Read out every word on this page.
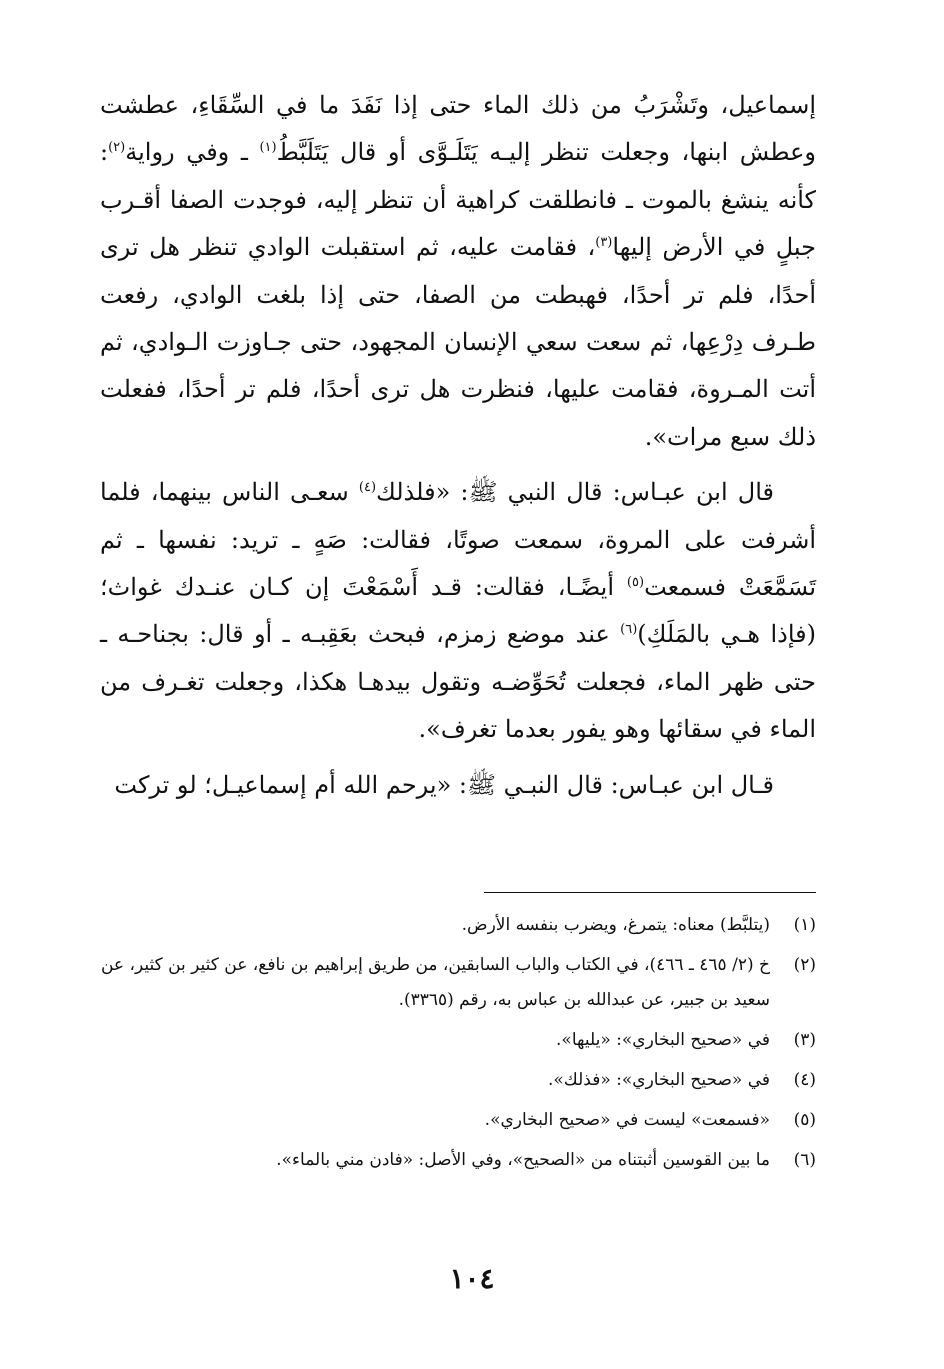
إسماعيل، وتَشْرَبُ من ذلك الماء حتى إذا نَفَدَ ما في السِّقَاءِ، عطشت وعطش ابنها، وجعلت تنظر إليـه يَتَلَـوَّى أو قال يَتَلَبَّطُ$^{(١)}$ ـ وفي رواية$^{(٢)}$: كأنه ينشغ بالموت ـ فانطلقت كراهية أن تنظر إليه، فوجدت الصفا أقـرب جبلٍ في الأرض إليها$^{(٣)}$، فقامت عليه، ثم استقبلت الوادي تنظر هل ترى أحدًا، فلم تر أحدًا، فهبطت من الصفا، حتى إذا بلغت الوادي، رفعت طـرف دِرْعِها، ثم سعت سعي الإنسان المجهود، حتى جـاوزت الـوادي، ثم أتت المـروة، فقامت عليها، فنظرت هل ترى أحدًا، فلم تر أحدًا، ففعلت ذلك سبع مرات».

قال ابن عبـاس: قال النبي ﷺ: «فلذلك$^{(٤)}$ سعـى الناس بينهما، فلما أشرفت على المروة، سمعت صوتًا، فقالت: صَهٍ ـ تريد: نفسها ـ ثم تَسَمَّعَتْ فسمعت$^{(٥)}$ أيضًـا، فقالت: قـد أَسْمَعْتَ إن كـان عنـدك غواث؛ (فإذا هـي بالمَلَكِ)$^{(٦)}$ عند موضع زمزم، فبحث بعَقِبـه ـ أو قال: بجناحـه ـ حتى ظهر الماء، فجعلت تُحَوِّضـه وتقول بيدهـا هكذا، وجعلت تغـرف من الماء في سقائها وهو يفور بعدما تغرف».

قـال ابن عبـاس: قال النبـي ﷺ: «يرحم الله أم إسماعيـل؛ لو تركت

(١)
(يتلبَّط) معناه: يتمرغ، ويضرب بنفسه الأرض.
(٢)
خ (٢/ ٤٦٥ ـ ٤٦٦)، في الكتاب والباب السابقين، من طريق إبراهيم بن نافع، عن كثير بن كثير، عن سعيد بن جبير، عن عبدالله بن عباس به، رقم (٣٣٦٥).
(٣)
في «صحيح البخاري»: «يليها».
(٤)
في «صحيح البخاري»: «فذلك».
(٥)
«فسمعت» ليست في «صحيح البخاري».
(٦)
ما بين القوسين أثبتناه من «الصحيح»، وفي الأصل: «فادن مني بالماء».
١٠٤
